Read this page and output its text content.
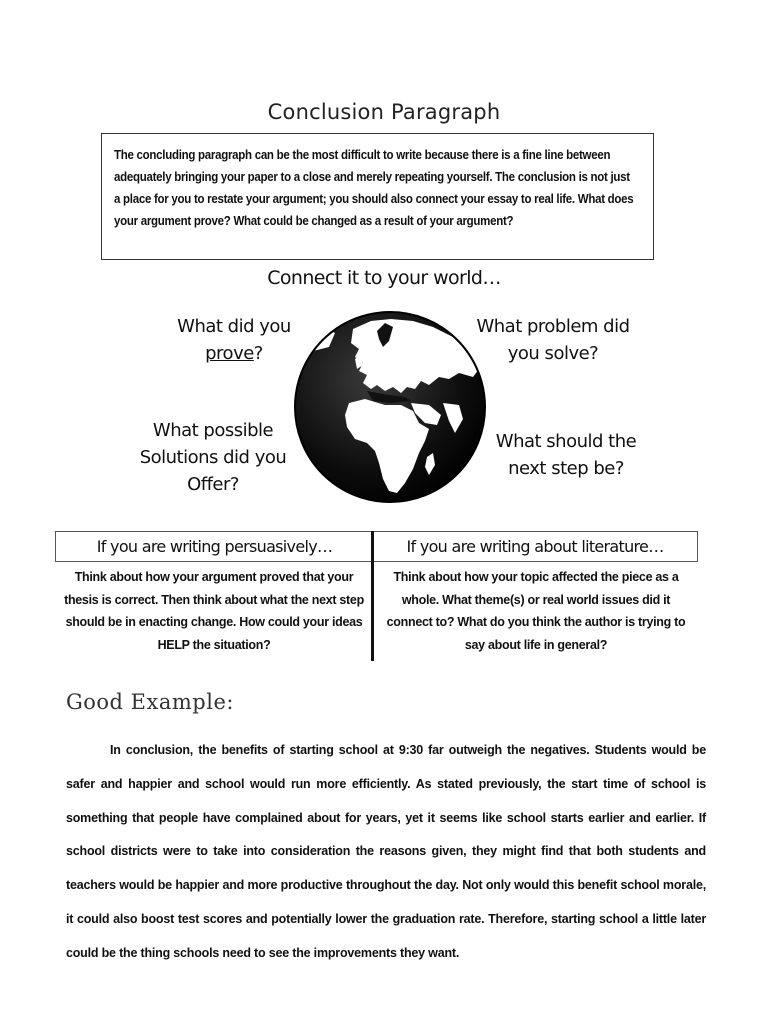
Conclusion Paragraph
The concluding paragraph can be the most difficult to write because there is a fine line between adequately bringing your paper to a close and merely repeating yourself. The conclusion is not just a place for you to restate your argument; you should also connect your essay to real life. What does your argument prove? What could be changed as a result of your argument?
Connect it to your world…
What did you
prove?
What problem did
you solve?
What possible
Solutions did you
Offer?
What should the
next step be?
If you are writing persuasively…	If you are writing about literature…
Think about how your argument proved that your thesis is correct. Then think about what the next step should be in enacting change. How could your ideas HELP the situation?
Think about how your topic affected the piece as a whole. What theme(s) or real world issues did it connect to? What do you think the author is trying to say about life in general?
Good Example:
In conclusion, the benefits of starting school at 9:30 far outweigh the negatives. Students would be safer and happier and school would run more efficiently. As stated previously, the start time of school is something that people have complained about for years, yet it seems like school starts earlier and earlier. If school districts were to take into consideration the reasons given, they might find that both students and teachers would be happier and more productive throughout the day. Not only would this benefit school morale, it could also boost test scores and potentially lower the graduation rate. Therefore, starting school a little later could be the thing schools need to see the improvements they want.
